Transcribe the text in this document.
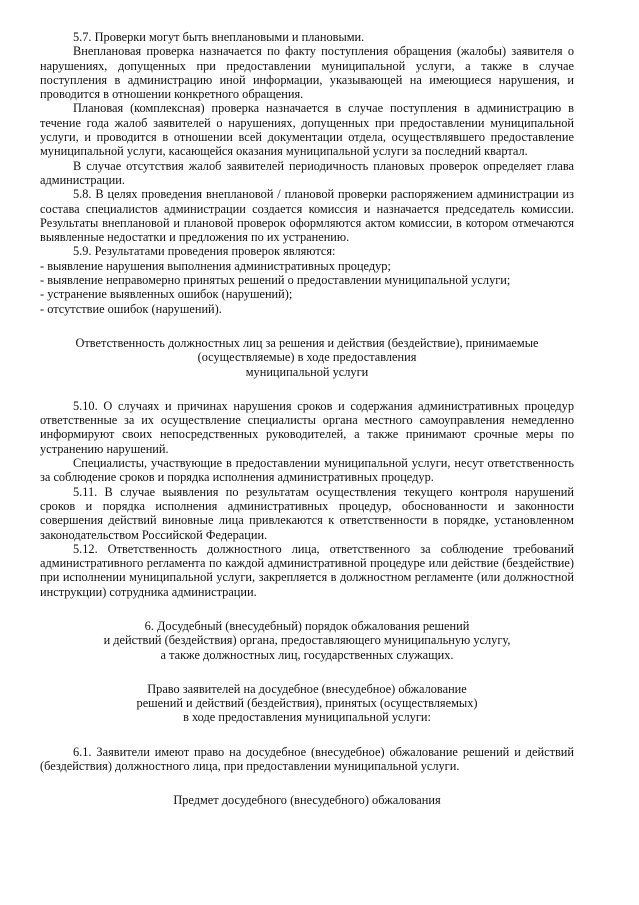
5.7. Проверки могут быть внеплановыми и плановыми.

Внеплановая проверка назначается по факту поступления обращения (жалобы) заявителя о нарушениях, допущенных при предоставлении муниципальной услуги, а также в случае поступления в администрацию иной информации, указывающей на имеющиеся нарушения, и проводится в отношении конкретного обращения.

Плановая (комплексная) проверка назначается в случае поступления в администрацию в течение года жалоб заявителей о нарушениях, допущенных при предоставлении муниципальной услуги, и проводится в отношении всей документации отдела, осуществлявшего предоставление муниципальной услуги, касающейся оказания муниципальной услуги за последний квартал.

В случае отсутствия жалоб заявителей периодичность плановых проверок определяет глава администрации.

5.8. В целях проведения внеплановой / плановой проверки распоряжением администрации из состава специалистов администрации создается комиссия и назначается председатель комиссии. Результаты внеплановой и плановой проверок оформляются актом комиссии, в котором отмечаются выявленные недостатки и предложения по их устранению.

5.9. Результатами проведения проверок являются:

- выявление нарушения выполнения административных процедур;

- выявление неправомерно принятых решений о предоставлении муниципальной услуги;

- устранение выявленных ошибок (нарушений);

- отсутствие ошибок (нарушений).

Ответственность должностных лиц за решения и действия (бездействие), принимаемые

(осуществляемые) в ходе предоставления

муниципальной услуги

5.10. О случаях и причинах нарушения сроков и содержания административных процедур ответственные за их осуществление специалисты органа местного самоуправления немедленно информируют своих непосредственных руководителей, а также принимают срочные меры по устранению нарушений.

Специалисты, участвующие в предоставлении муниципальной услуги, несут ответственность за соблюдение сроков и порядка исполнения административных процедур.

5.11. В случае выявления по результатам осуществления текущего контроля нарушений сроков и порядка исполнения административных процедур, обоснованности и законности совершения действий виновные лица привлекаются к ответственности в порядке, установленном законодательством Российской Федерации.

5.12. Ответственность должностного лица, ответственного за соблюдение требований административного регламента по каждой административной процедуре или действие (бездействие) при исполнении муниципальной услуги, закрепляется в должностном регламенте (или должностной инструкции) сотрудника администрации.

6. Досудебный (внесудебный) порядок обжалования решений

и действий (бездействия) органа, предоставляющего муниципальную услугу,

а также должностных лиц, государственных служащих.

Право заявителей на досудебное (внесудебное) обжалование

решений и действий (бездействия), принятых (осуществляемых)

в ходе предоставления муниципальной услуги:

6.1. Заявители имеют право на досудебное (внесудебное) обжалование решений и действий (бездействия) должностного лица, при предоставлении муниципальной услуги.

Предмет досудебного (внесудебного) обжалования
